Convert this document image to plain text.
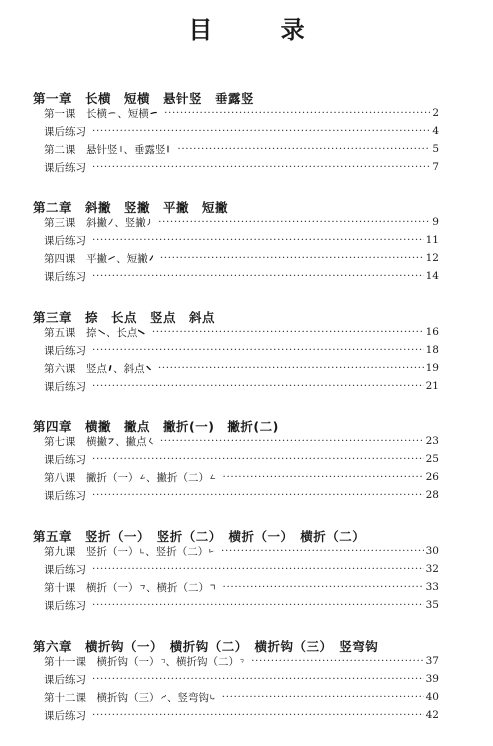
目 录
第一章　长横　短横　悬针竖　垂露竖
第一课　长横 、短横 ·····	2
课后练习 ·····	4
第二课　悬针竖 、垂露竖 ·····	5
课后练习 ·····	7
第二章　斜撇　竖撇　平撇　短撇
第三课　斜撇 、竖撇 ·····	9
课后练习 ·····	11
第四课　平撇 、短撇 ·····	12
课后练习 ·····	14
第三章　捺　长点　竖点　斜点
第五课　捺 、长点 ·····	16
课后练习 ·····	18
第六课　竖点 、斜点 ·····	19
课后练习 ·····	21
第四章　横撇　撇点　撇折(一)　撇折(二)
第七课　横撇 、撇点 ·····	23
课后练习 ·····	25
第八课　撇折（一） 、撇折（二） ·····	26
课后练习 ·····	28
第五章　竖折（一）　竖折（二）　横折（一）　横折（二）
第九课　竖折（一） 、竖折（二） ·····	30
课后练习 ·····	32
第十课　横折（一） 、横折（二） ·····	33
课后练习 ·····	35
第六章　横折钩（一）　横折钩（二）　横折钩（三）　竖弯钩
第十一课　横折钩（一） 、横折钩（二） ·····	37
课后练习 ·····	39
第十二课　横折钩（三） 、竖弯钩 ·····	40
课后练习 ·····	42
